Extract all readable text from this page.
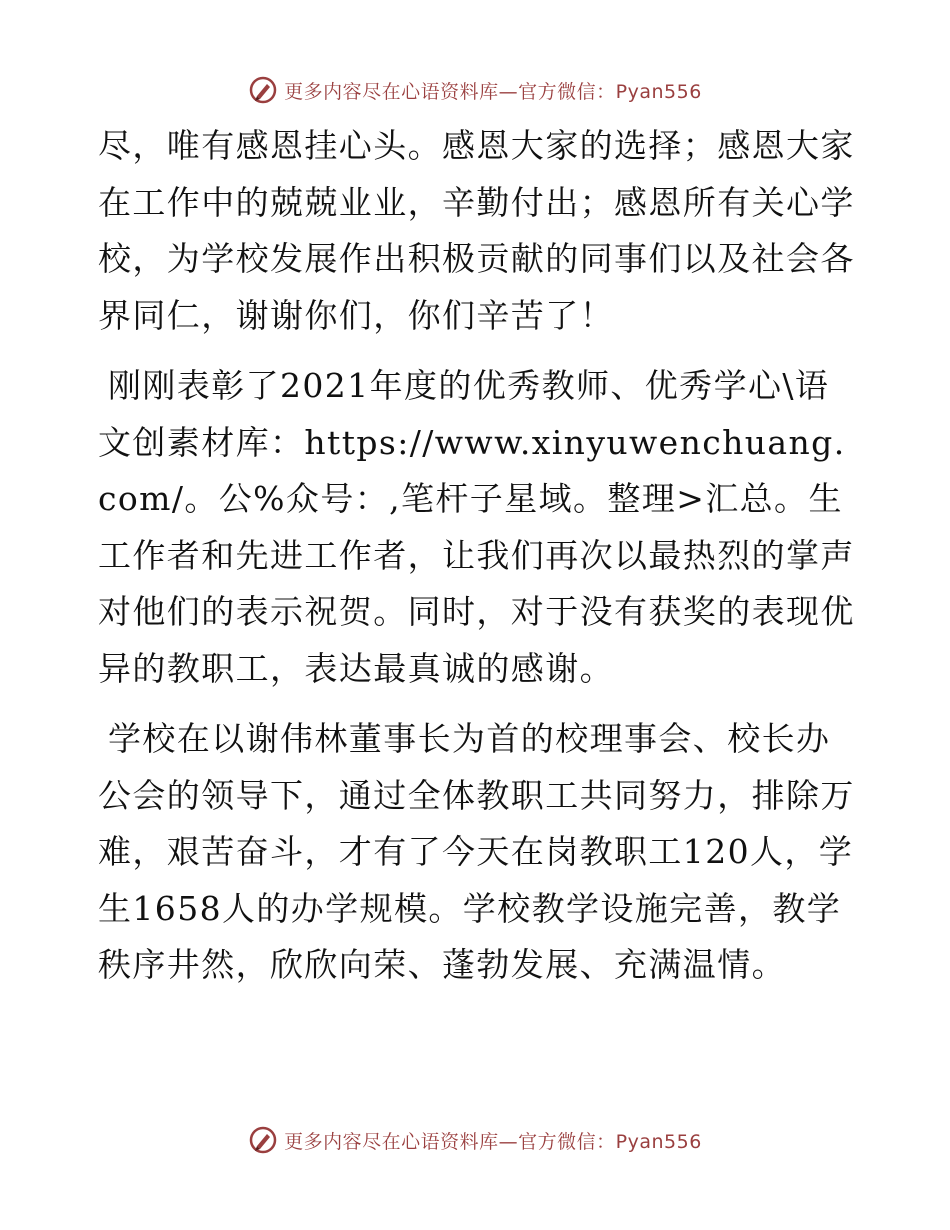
更多内容尽在心语资料库—官方微信：Pyan556

尽，唯有感恩挂心头。感恩大家的选择；感恩大家在工作中的兢兢业业，辛勤付出；感恩所有关心学校，为学校发展作出积极贡献的同事们以及社会各界同仁，谢谢你们，你们辛苦了！

刚刚表彰了2021年度的优秀教师、优秀学心\语文创素材库：https://www.xinyuwenchuang.com/。公%众号：,笔杆子星域。整理>汇总。生工作者和先进工作者，让我们再次以最热烈的掌声对他们的表示祝贺。同时，对于没有获奖的表现优异的教职工，表达最真诚的感谢。

学校在以谢伟林董事长为首的校理事会、校长办公会的领导下，通过全体教职工共同努力，排除万难，艰苦奋斗，才有了今天在岗教职工120人，学生1658人的办学规模。学校教学设施完善，教学秩序井然，欣欣向荣、蓬勃发展、充满温情。

更多内容尽在心语资料库—官方微信：Pyan556
